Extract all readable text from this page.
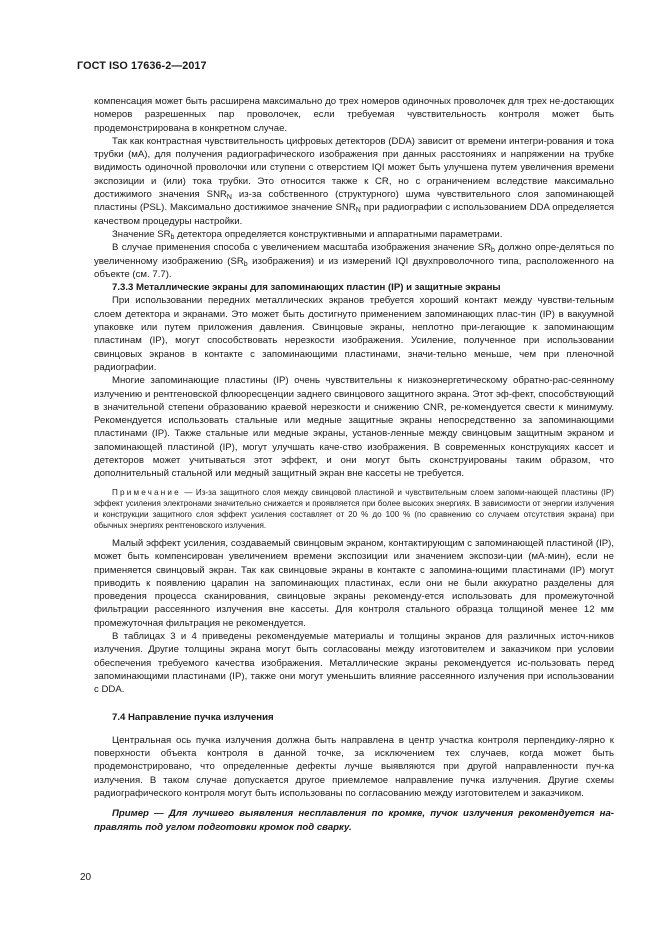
ГОСТ ISO 17636-2—2017

компенсация может быть расширена максимально до трех номеров одиночных проволочек для трех не-достающих номеров разрешенных пар проволочек, если требуемая чувствительность контроля может быть продемонстрирована в конкретном случае.

Так как контрастная чувствительность цифровых детекторов (DDA) зависит от времени интегри-рования и тока трубки (мА), для получения радиографического изображения при данных расстояниях и напряжении на трубке видимость одиночной проволочки или ступени с отверстием IQI может быть улучшена путем увеличения времени экспозиции и (или) тока трубки. Это относится также к CR, но с ограничением вследствие максимально достижимого значения $SNR_N$ из-за собственного (структурного) шума чувствительного слоя запоминающей пластины (PSL). Максимально достижимое значение $SNR_N$ при радиографии с использованием DDA определяется качеством процедуры настройки.

Значение $SR_b$ детектора определяется конструктивными и аппаратными параметрами.

В случае применения способа с увеличением масштаба изображения значение $SR_b$ должно опре-деляться по увеличенному изображению ($SR_b$ изображения) и из измерений IQI двухпроволочного типа, расположенного на объекте (см. 7.7).

7.3.3 Металлические экраны для запоминающих пластин (IP) и защитные экраны

При использовании передних металлических экранов требуется хороший контакт между чувстви-тельным слоем детектора и экранами. Это может быть достигнуто применением запоминающих плас-тин (IP) в вакуумной упаковке или путем приложения давления. Свинцовые экраны, неплотно при-легающие к запоминающим пластинам (IP), могут способствовать нерезкости изображения. Усиление, полученное при использовании свинцовых экранов в контакте с запоминающими пластинами, значи-тельно меньше, чем при пленочной радиографии.

Многие запоминающие пластины (IP) очень чувствительны к низкоэнергетическому обратно-рас-сеянному излучению и рентгеновской флюоресценции заднего свинцового защитного экрана. Этот эф-фект, способствующий в значительной степени образованию краевой нерезкости и снижению CNR, ре-комендуется свести к минимуму. Рекомендуется использовать стальные или медные защитные экраны непосредственно за запоминающими пластинами (IP). Также стальные или медные экраны, установ-ленные между свинцовым защитным экраном и запоминающей пластиной (IP), могут улучшать каче-ство изображения. В современных конструкциях кассет и детекторов может учитываться этот эффект, и они могут быть сконструированы таким образом, что дополнительный стальной или медный защитный экран вне кассеты не требуется.

Примечание — Из-за защитного слоя между свинцовой пластиной и чувствительным слоем запоми-нающей пластины (IP) эффект усиления электронами значительно снижается и проявляется при более высоких энергиях. В зависимости от энергии излучения и конструкции защитного слоя эффект усиления составляет от 20 % до 100 % (по сравнению со случаем отсутствия экрана) при обычных энергиях рентгеновского излучения.

Малый эффект усиления, создаваемый свинцовым экраном, контактирующим с запоминающей пластиной (IP), может быть компенсирован увеличением времени экспозиции или значением экспози-ции (мА·мин), если не применяется свинцовый экран. Так как свинцовые экраны в контакте с запомина-ющими пластинами (IP) могут приводить к появлению царапин на запоминающих пластинах, если они не были аккуратно разделены для проведения процесса сканирования, свинцовые экраны рекоменду-ется использовать для промежуточной фильтрации рассеянного излучения вне кассеты. Для контроля стального образца толщиной менее 12 мм промежуточная фильтрация не рекомендуется.

В таблицах 3 и 4 приведены рекомендуемые материалы и толщины экранов для различных источ-ников излучения. Другие толщины экрана могут быть согласованы между изготовителем и заказчиком при условии обеспечения требуемого качества изображения. Металлические экраны рекомендуется ис-пользовать перед запоминающими пластинами (IP), также они могут уменьшить влияние рассеянного излучения при использовании с DDA.

7.4 Направление пучка излучения

Центральная ось пучка излучения должна быть направлена в центр участка контроля перпендику-лярно к поверхности объекта контроля в данной точке, за исключением тех случаев, когда может быть продемонстрировано, что определенные дефекты лучше выявляются при другой направленности пуч-ка излучения. В таком случае допускается другое приемлемое направление пучка излучения. Другие схемы радиографического контроля могут быть использованы по согласованию между изготовителем и заказчиком.

Пример — Для лучшего выявления несплавления по кромке, пучок излучения рекомендуется на-правлять под углом подготовки кромок под сварку.

20
